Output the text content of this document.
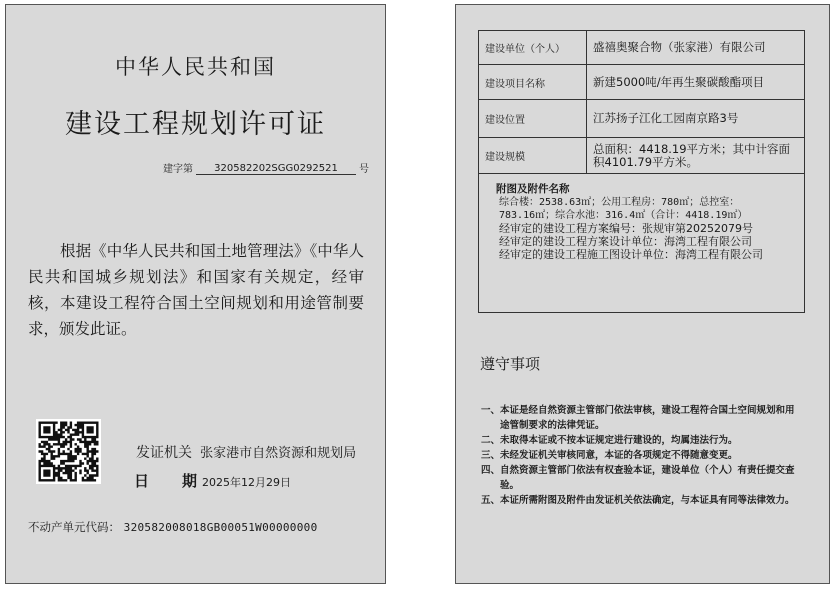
中华人民共和国
建设工程规划许可证
建字第	320582202SGG0292521	号
根据《中华人民共和国土地管理法》《中华人民共和国城乡规划法》和国家有关规定，经审核，本建设工程符合国土空间规划和用途管制要求，颁发此证。
发证机关 张家港市自然资源和规划局
日 期 2025年12月29日
不动产单元代码： 320582008018GB00051W00000000
建设单位（个人）	盛禧奥聚合物（张家港）有限公司
建设项目名称	新建5000吨/年再生聚碳酸酯项目
建设位置	江苏扬子江化工园南京路3号
建设规模	总面积：4418.19平方米；其中计容面积4101.79平方米。
附图及附件名称
综合楼：2538.63㎡；公用工程房：780㎡；总控室：
783.16㎡；综合水池：316.4㎡（合计：4418.19㎡）
经审定的建设工程方案编号：张规审第20252079号
经审定的建设工程方案设计单位：海湾工程有限公司
经审定的建设工程施工图设计单位：海湾工程有限公司
遵守事项
一、 本证是经自然资源主管部门依法审核，建设工程符合国土空间规划和用途管制要求的法律凭证。
二、 未取得本证或不按本证规定进行建设的，均属违法行为。
三、 未经发证机关审核同意，本证的各项规定不得随意变更。
四、 自然资源主管部门依法有权查验本证，建设单位（个人）有责任提交查验。
五、 本证所需附图及附件由发证机关依法确定，与本证具有同等法律效力。
